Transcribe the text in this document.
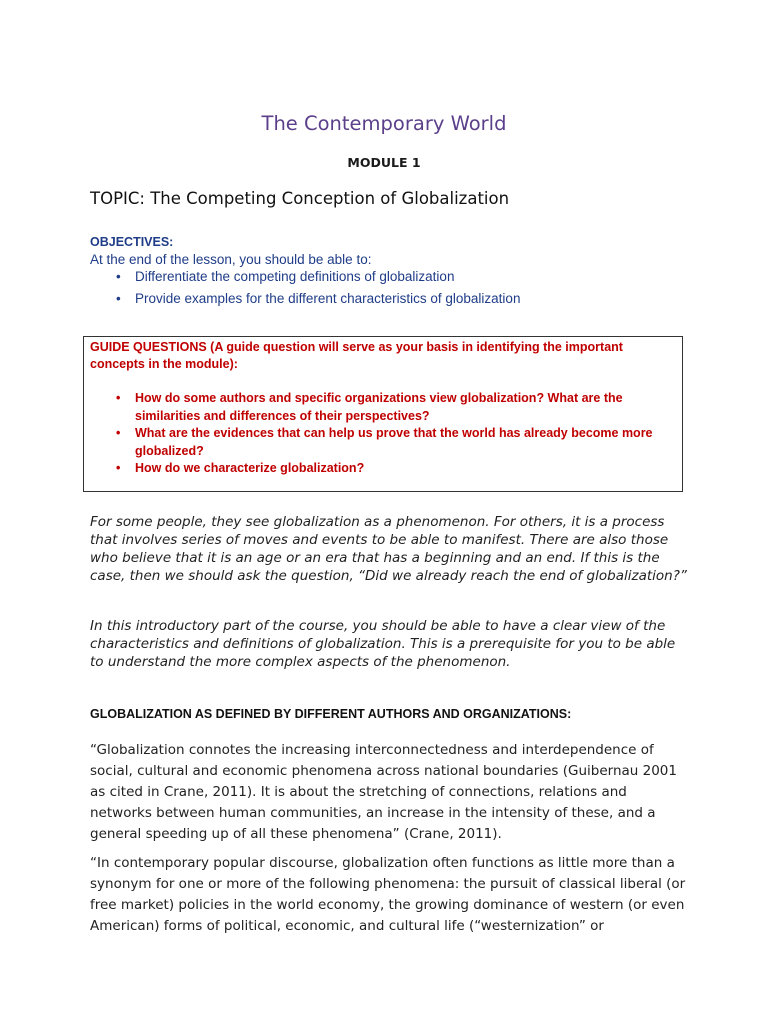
The Contemporary World
MODULE 1
TOPIC: The Competing Conception of Globalization
OBJECTIVES:
At the end of the lesson, you should be able to:
• Differentiate the competing definitions of globalization
• Provide examples for the different characteristics of globalization
GUIDE QUESTIONS (A guide question will serve as your basis in identifying the important concepts in the module):
• How do some authors and specific organizations view globalization? What are the similarities and differences of their perspectives?
• What are the evidences that can help us prove that the world has already become more globalized?
• How do we characterize globalization?
For some people, they see globalization as a phenomenon. For others, it is a process that involves series of moves and events to be able to manifest. There are also those who believe that it is an age or an era that has a beginning and an end. If this is the case, then we should ask the question, “Did we already reach the end of globalization?”
In this introductory part of the course, you should be able to have a clear view of the characteristics and definitions of globalization. This is a prerequisite for you to be able to understand the more complex aspects of the phenomenon.
GLOBALIZATION AS DEFINED BY DIFFERENT AUTHORS AND ORGANIZATIONS:
“Globalization connotes the increasing interconnectedness and interdependence of social, cultural and economic phenomena across national boundaries (Guibernau 2001 as cited in Crane, 2011). It is about the stretching of connections, relations and networks between human communities, an increase in the intensity of these, and a general speeding up of all these phenomena” (Crane, 2011).
“In contemporary popular discourse, globalization often functions as little more than a synonym for one or more of the following phenomena: the pursuit of classical liberal (or free market) policies in the world economy, the growing dominance of western (or even American) forms of political, economic, and cultural life (“westernization” or
